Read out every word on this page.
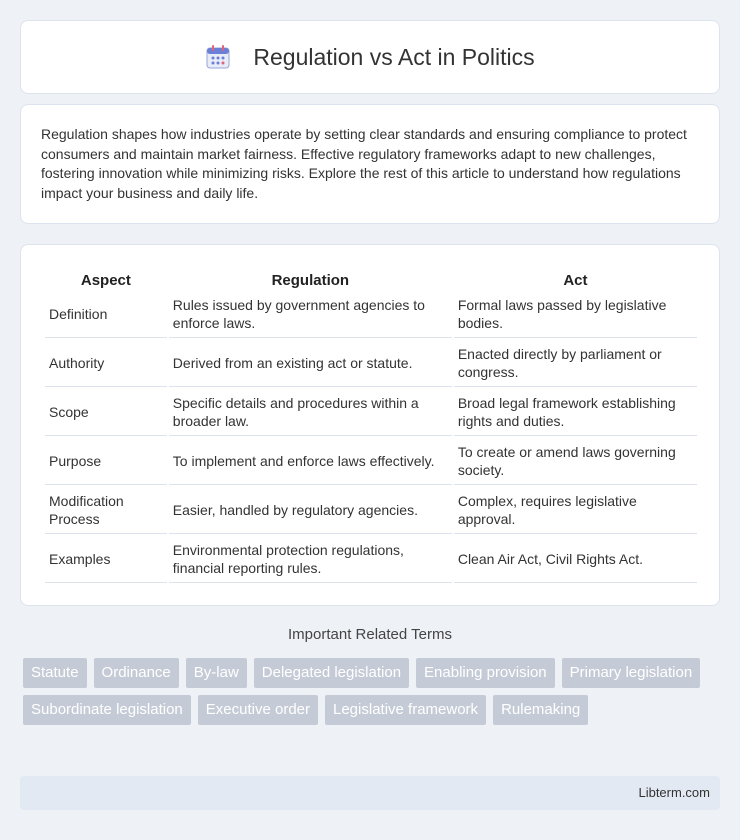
Regulation vs Act in Politics

Regulation shapes how industries operate by setting clear standards and ensuring compliance to protect consumers and maintain market fairness. Effective regulatory frameworks adapt to new challenges, fostering innovation while minimizing risks. Explore the rest of this article to understand how regulations impact your business and daily life.

Aspect	Regulation	Act
Definition	Rules issued by government agencies to enforce laws.	Formal laws passed by legislative bodies.
Authority	Derived from an existing act or statute.	Enacted directly by parliament or congress.
Scope	Specific details and procedures within a broader law.	Broad legal framework establishing rights and duties.
Purpose	To implement and enforce laws effectively.	To create or amend laws governing society.
Modification Process	Easier, handled by regulatory agencies.	Complex, requires legislative approval.
Examples	Environmental protection regulations, financial reporting rules.	Clean Air Act, Civil Rights Act.
Important Related Terms
Statute	Ordinance	By-law	Delegated legislation	Enabling provision	Primary legislation
Subordinate legislation	Executive order	Legislative framework	Rulemaking
Libterm.com
